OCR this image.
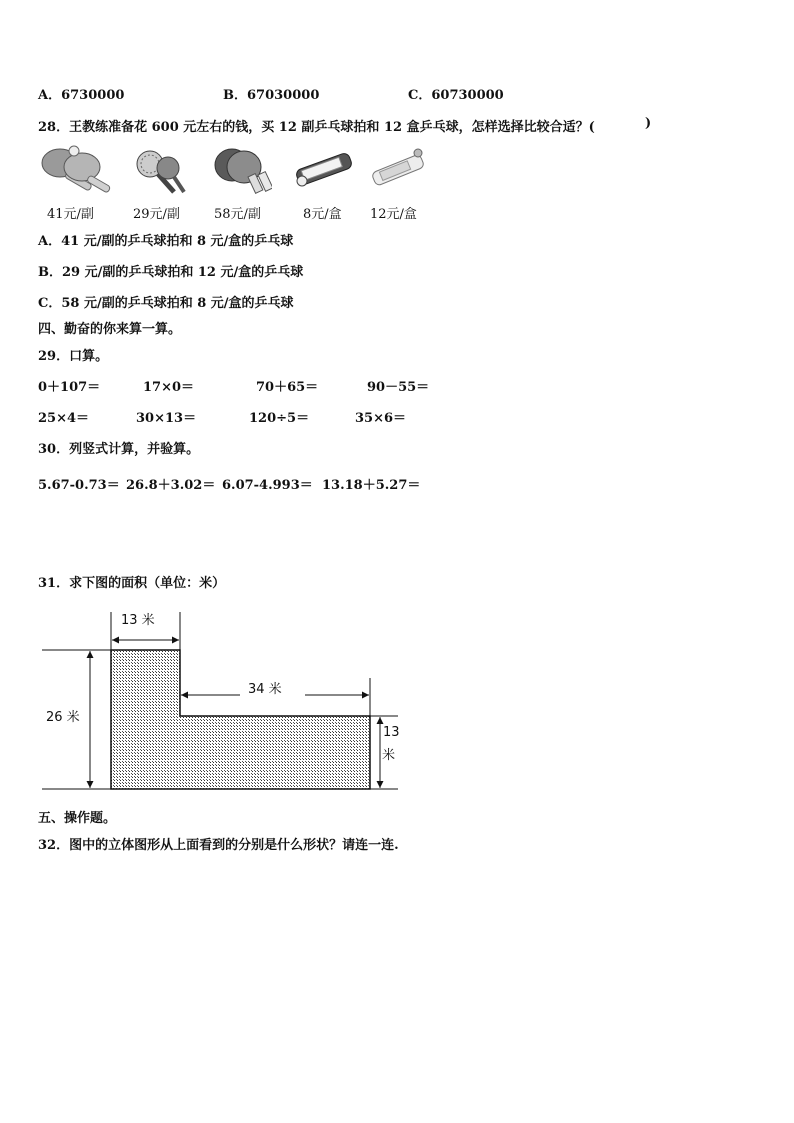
A．6730000	B．67030000	C．60730000
28．王教练准备花 600 元左右的钱，买 12 副乒乓球拍和 12 盒乒乓球，怎样选择比较合适？(	)
41元/副	29元/副	58元/副	8元/盒 12元/盒
A．41 元/副的乒乓球拍和 8 元/盒的乒乓球
B．29 元/副的乒乓球拍和 12 元/盒的乒乓球
C．58 元/副的乒乓球拍和 8 元/盒的乒乓球
四、勤奋的你来算一算。
29．口算。
0＋107＝	17×0＝	70＋65＝	90－55＝
25×4＝	30×13＝	120÷5＝	35×6＝
30．列竖式计算，并验算。
5.67-0.73＝ 26.8＋3.02＝ 6.07-4.993＝ 13.18＋5.27＝
31．求下图的面积（单位：米）
13 米
34 米
26 米
13
米
五、操作题。
32．图中的立体图形从上面看到的分别是什么形状？请连一连.
